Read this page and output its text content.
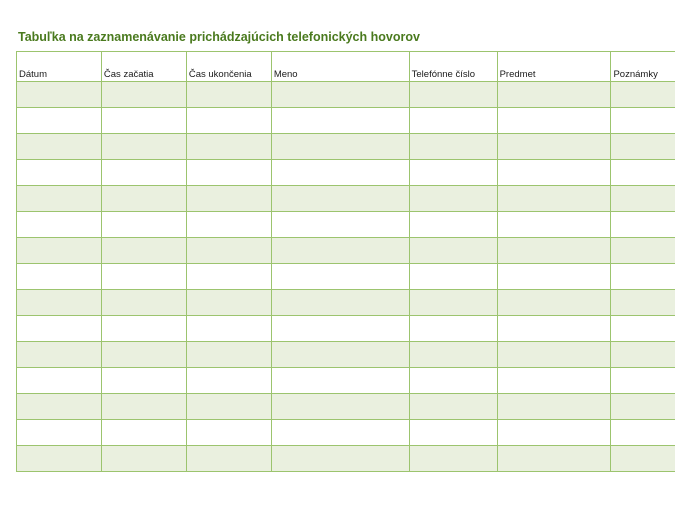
Tabuľka na zaznamenávanie prichádzajúcich telefonických hovorov
Dátum	Čas začatia	Čas ukončenia	Meno	Telefónne číslo	Predmet	Poznámky
